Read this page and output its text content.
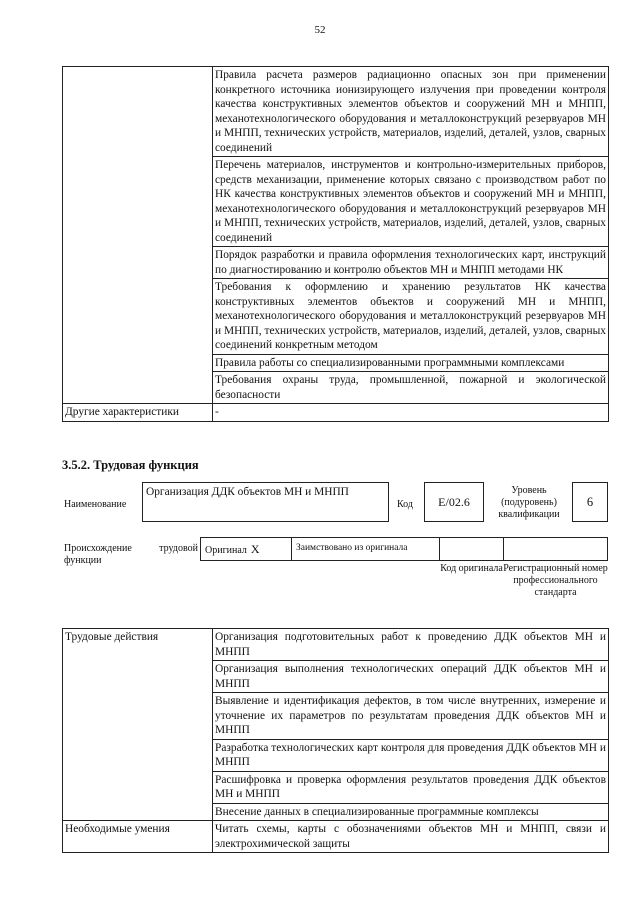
52
	Правила расчета размеров радиационно опасных зон при применении конкретного источника ионизирующего излучения при проведении контроля качества конструктивных элементов объектов и сооружений МН и МНПП, механотехнологического оборудования и металлоконструкций резервуаров МН и МНПП, технических устройств, материалов, изделий, деталей, узлов, сварных соединений
	Перечень материалов, инструментов и контрольно-измерительных приборов, средств механизации, применение которых связано с производством работ по НК качества конструктивных элементов объектов и сооружений МН и МНПП, механотехнологического оборудования и металлоконструкций резервуаров МН и МНПП, технических устройств, материалов, изделий, деталей, узлов, сварных соединений
	Порядок разработки и правила оформления технологических карт, инструкций по диагностированию и контролю объектов МН и МНПП методами НК
	Требования к оформлению и хранению результатов НК качества конструктивных элементов объектов и сооружений МН и МНПП, механотехнологического оборудования и металлоконструкций резервуаров МН и МНПП, технических устройств, материалов, изделий, деталей, узлов, сварных соединений конкретным методом
	Правила работы со специализированными программными комплексами
	Требования охраны труда, промышленной, пожарной и экологической безопасности
Другие характеристики	-
3.5.2. Трудовая функция
Наименование
Организация ДДК объектов МН и МНПП
Код	Е/02.6
Уровень (подуровень) квалификации
6
Происхождение	трудовой
функции
Оригинал X	Заимствовано из оригинала
Код оригинала Регистрационный номер профессионального стандарта
Трудовые действия	Организация подготовительных работ к проведению ДДК объектов МН и МНПП
	Организация выполнения технологических операций ДДК объектов МН и МНПП
	Выявление и идентификация дефектов, в том числе внутренних, измерение и уточнение их параметров по результатам проведения ДДК объектов МН и МНПП
	Разработка технологических карт контроля для проведения ДДК объектов МН и МНПП
	Расшифровка и проверка оформления результатов проведения ДДК объектов МН и МНПП
	Внесение данных в специализированные программные комплексы
Необходимые умения	Читать схемы, карты с обозначениями объектов МН и МНПП, связи и электрохимической защиты
